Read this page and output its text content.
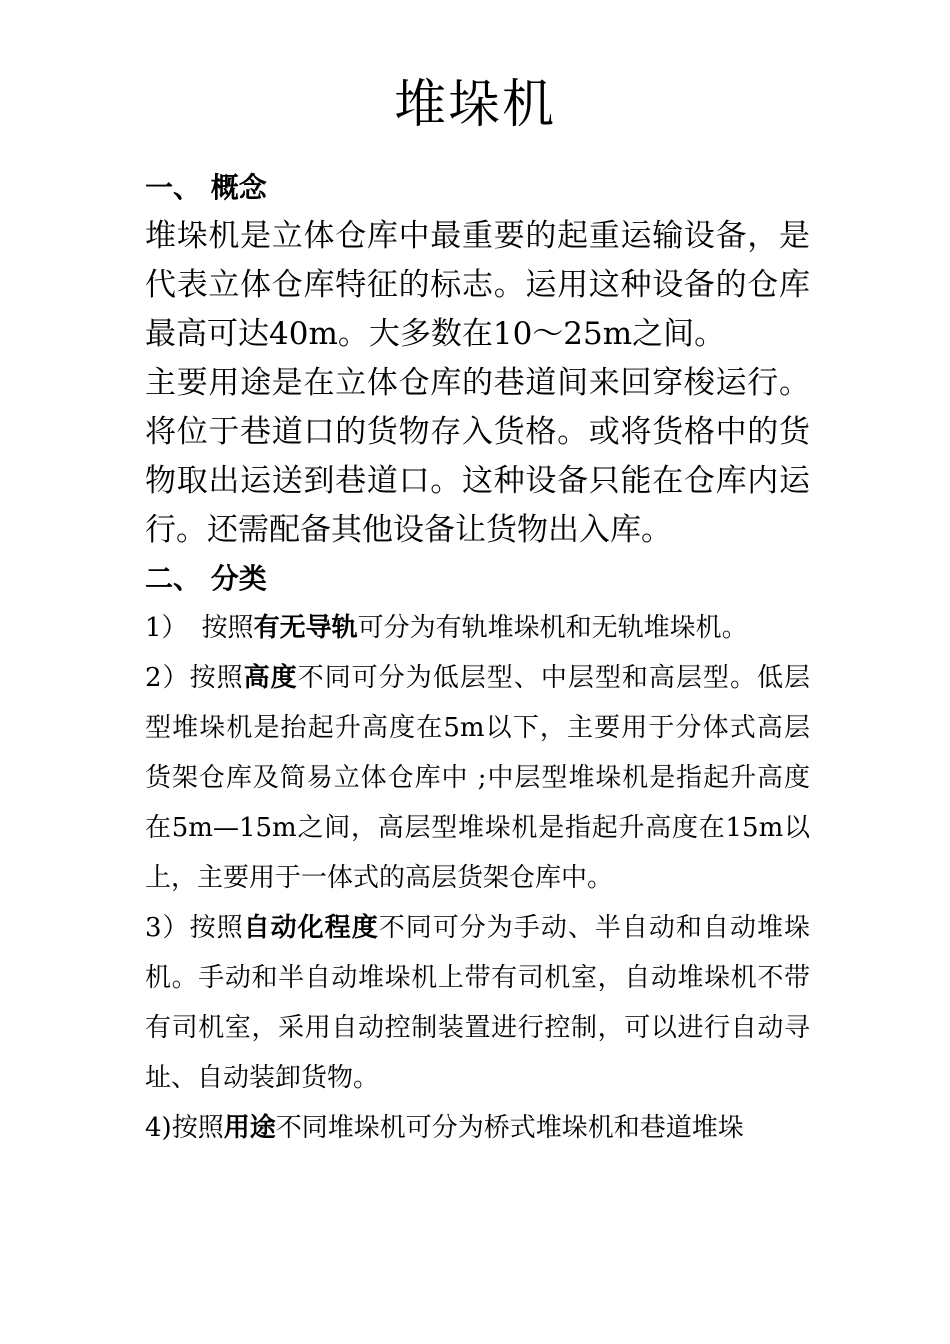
堆垛机
一、 概念

堆垛机是立体仓库中最重要的起重运输设备，是代表立体仓库特征的标志。运用这种设备的仓库最高可达40m。大多数在10～25m之间。

主要用途是在立体仓库的巷道间来回穿梭运行。将位于巷道口的货物存入货格。或将货格中的货物取出运送到巷道口。这种设备只能在仓库内运行。还需配备其他设备让货物出入库。

二、 分类

1） 按照有无导轨可分为有轨堆垛机和无轨堆垛机。

2）按照高度不同可分为低层型、中层型和高层型。低层型堆垛机是抬起升高度在5m以下，主要用于分体式高层货架仓库及简易立体仓库中 ;中层型堆垛机是指起升高度在5m—15m之间，高层型堆垛机是指起升高度在15m以上，主要用于一体式的高层货架仓库中。

3）按照自动化程度不同可分为手动、半自动和自动堆垛机。手动和半自动堆垛机上带有司机室，自动堆垛机不带有司机室，采用自动控制装置进行控制，可以进行自动寻址、自动装卸货物。

4)按照用途不同堆垛机可分为桥式堆垛机和巷道堆垛
